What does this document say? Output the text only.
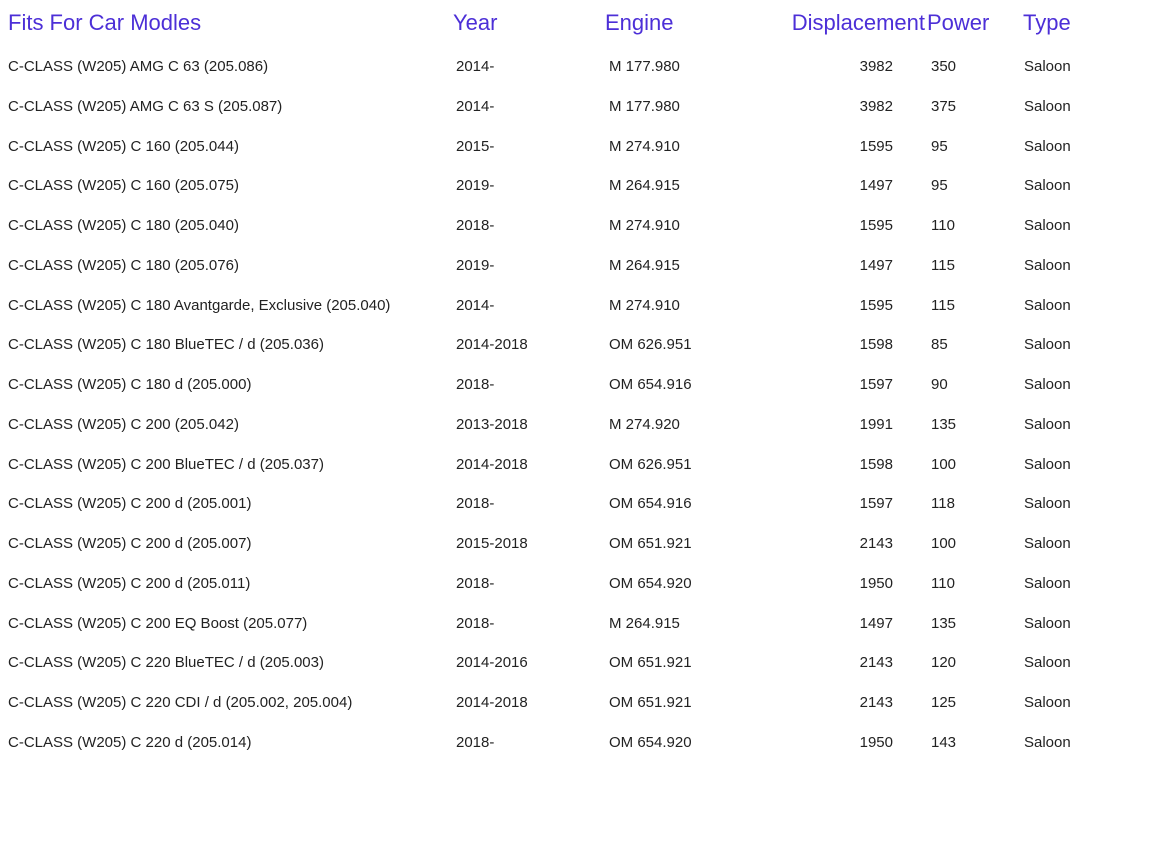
Fits For Car Modles	Year	Engine	Displacement	Power	Type
C-CLASS (W205) AMG C 63 (205.086)	2014-	M 177.980	3982	350	Saloon
C-CLASS (W205) AMG C 63 S (205.087)	2014-	M 177.980	3982	375	Saloon
C-CLASS (W205) C 160 (205.044)	2015-	M 274.910	1595	95	Saloon
C-CLASS (W205) C 160 (205.075)	2019-	M 264.915	1497	95	Saloon
C-CLASS (W205) C 180 (205.040)	2018-	M 274.910	1595	110	Saloon
C-CLASS (W205) C 180 (205.076)	2019-	M 264.915	1497	115	Saloon
C-CLASS (W205) C 180 Avantgarde, Exclusive (205.040)	2014-	M 274.910	1595	115	Saloon
C-CLASS (W205) C 180 BlueTEC / d (205.036)	2014-2018	OM 626.951	1598	85	Saloon
C-CLASS (W205) C 180 d (205.000)	2018-	OM 654.916	1597	90	Saloon
C-CLASS (W205) C 200 (205.042)	2013-2018	M 274.920	1991	135	Saloon
C-CLASS (W205) C 200 BlueTEC / d (205.037)	2014-2018	OM 626.951	1598	100	Saloon
C-CLASS (W205) C 200 d (205.001)	2018-	OM 654.916	1597	118	Saloon
C-CLASS (W205) C 200 d (205.007)	2015-2018	OM 651.921	2143	100	Saloon
C-CLASS (W205) C 200 d (205.011)	2018-	OM 654.920	1950	110	Saloon
C-CLASS (W205) C 200 EQ Boost (205.077)	2018-	M 264.915	1497	135	Saloon
C-CLASS (W205) C 220 BlueTEC / d (205.003)	2014-2016	OM 651.921	2143	120	Saloon
C-CLASS (W205) C 220 CDI / d (205.002, 205.004)	2014-2018	OM 651.921	2143	125	Saloon
C-CLASS (W205) C 220 d (205.014)	2018-	OM 654.920	1950	143	Saloon
